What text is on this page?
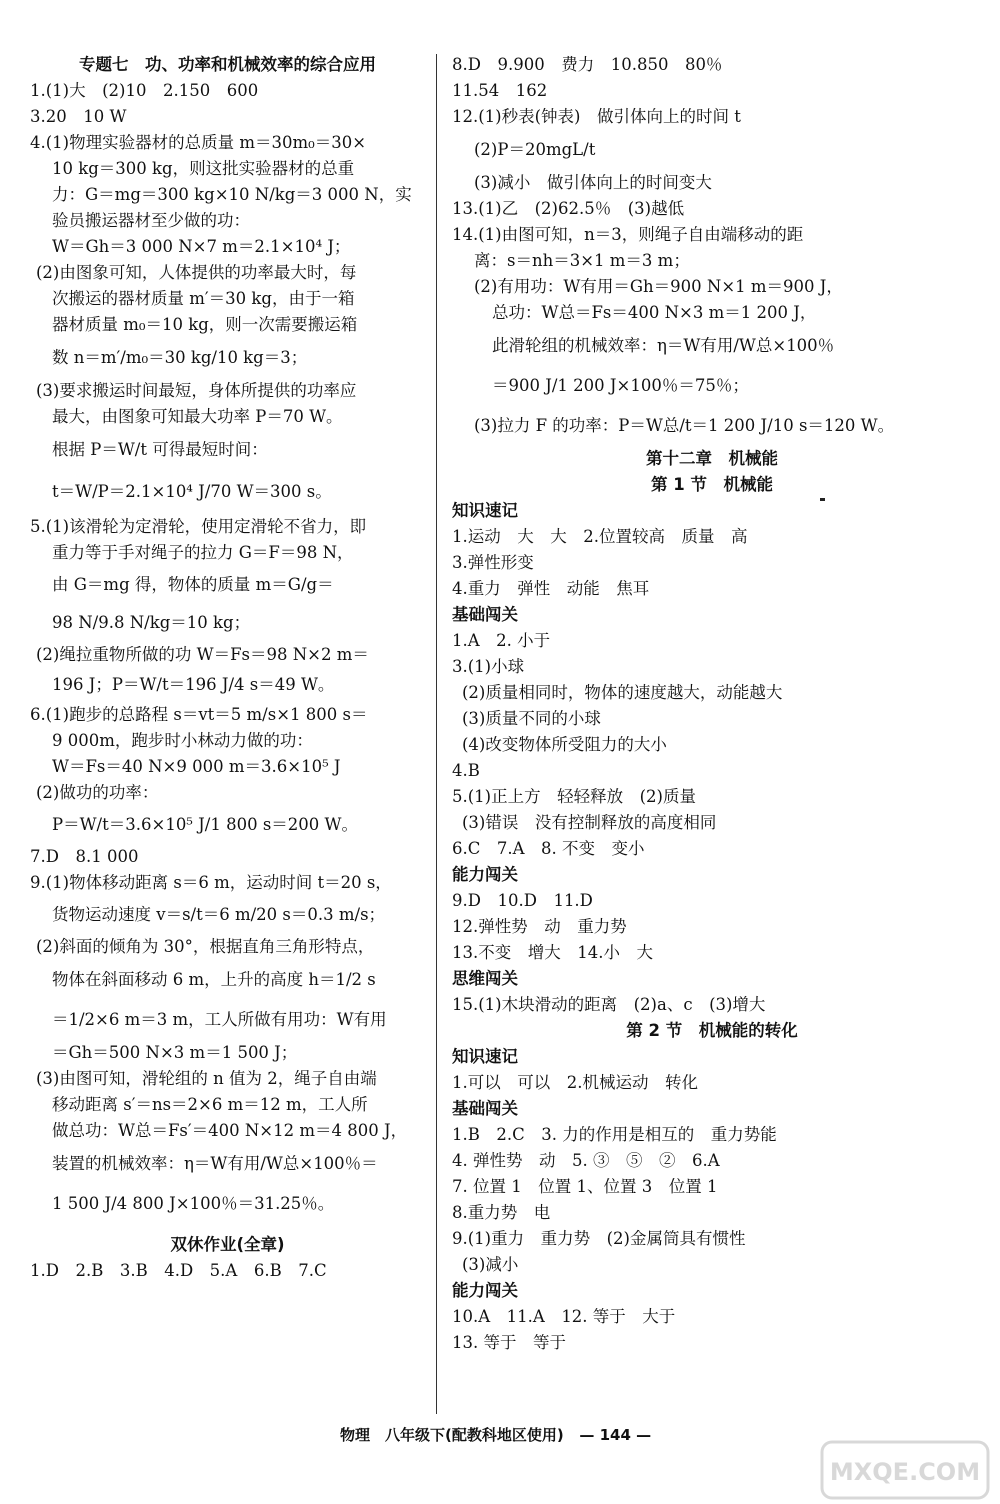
专题七　功、功率和机械效率的综合应用
1.(1)大　(2)10　2.150　600
3.20　10 W
4.(1)物理实验器材的总质量 m＝30m₀＝30×
10 kg＝300 kg，则这批实验器材的总重
力：G＝mg＝300 kg×10 N/kg＝3 000 N，实
验员搬运器材至少做的功：
W＝Gh＝3 000 N×7 m＝2.1×10⁴ J；
(2)由图象可知，人体提供的功率最大时，每
次搬运的器材质量 m′＝30 kg，由于一箱
器材质量 m₀＝10 kg，则一次需要搬运箱
数 n＝m′/m₀＝30 kg/10 kg＝3；
(3)要求搬运时间最短，身体所提供的功率应
最大，由图象可知最大功率 P＝70 W。
根据 P＝W/t 可得最短时间：
t＝W/P＝2.1×10⁴ J/70 W＝300 s。
5.(1)该滑轮为定滑轮，使用定滑轮不省力，即
重力等于手对绳子的拉力 G＝F＝98 N，
由 G＝mg 得，物体的质量 m＝G/g＝
98 N/9.8 N/kg＝10 kg；
(2)绳拉重物所做的功 W＝Fs＝98 N×2 m＝
196 J；P＝W/t＝196 J/4 s＝49 W。
6.(1)跑步的总路程 s＝vt＝5 m/s×1 800 s＝
9 000m，跑步时小林动力做的功：
W＝Fs＝40 N×9 000 m＝3.6×10⁵ J
(2)做功的功率：
P＝W/t＝3.6×10⁵ J/1 800 s＝200 W。
7.D　8.1 000
9.(1)物体移动距离 s＝6 m，运动时间 t＝20 s，
货物运动速度 v＝s/t＝6 m/20 s＝0.3 m/s；
(2)斜面的倾角为 30°，根据直角三角形特点，
物体在斜面移动 6 m，上升的高度 h＝1/2 s
＝1/2×6 m＝3 m，工人所做有用功：W有用
＝Gh＝500 N×3 m＝1 500 J；
(3)由图可知，滑轮组的 n 值为 2，绳子自由端
移动距离 s′＝ns＝2×6 m＝12 m，工人所
做总功：W总＝Fs′＝400 N×12 m＝4 800 J，
装置的机械效率：η＝W有用/W总×100％＝
1 500 J/4 800 J×100％＝31.25％。
双休作业(全章)
1.D　2.B　3.B　4.D　5.A　6.B　7.C
8.D　9.900　费力　10.850　80％
11.54　162
12.(1)秒表(钟表)　做引体向上的时间 t
(2)P＝20mgL/t
(3)减小　做引体向上的时间变大
13.(1)乙　(2)62.5％　(3)越低
14.(1)由图可知，n＝3，则绳子自由端移动的距
离：s＝nh＝3×1 m＝3 m；
(2)有用功：W有用＝Gh＝900 N×1 m＝900 J，
总功：W总＝Fs＝400 N×3 m＝1 200 J，
此滑轮组的机械效率：η＝W有用/W总×100％
＝900 J/1 200 J×100％＝75％；
(3)拉力 F 的功率：P＝W总/t＝1 200 J/10 s＝120 W。
第十二章　机械能
第 1 节　机械能
知识速记
1.运动　大　大　2.位置较高　质量　高
3.弹性形变
4.重力　弹性　动能　焦耳
基础闯关
1.A　2. 小于
3.(1)小球
(2)质量相同时，物体的速度越大，动能越大
(3)质量不同的小球
(4)改变物体所受阻力的大小
4.B
5.(1)正上方　轻轻释放　(2)质量
(3)错误　没有控制释放的高度相同
6.C　7.A　8. 不变　变小
能力闯关
9.D　10.D　11.D
12.弹性势　动　重力势
13.不变　增大　14.小　大
思维闯关
15.(1)木块滑动的距离　(2)a、c　(3)增大
第 2 节　机械能的转化
知识速记
1.可以　可以　2.机械运动　转化
基础闯关
1.B　2.C　3. 力的作用是相互的　重力势能
4. 弹性势　动　5. ③　⑤　②　6.A
7. 位置 1　位置 1、位置 3　位置 1
8.重力势　电
9.(1)重力　重力势　(2)金属筒具有惯性
(3)减小
能力闯关
10.A　11.A　12. 等于　大于
13. 等于　等于
物理　八年级下(配教科地区使用) — 144 —
MXQE.COM
